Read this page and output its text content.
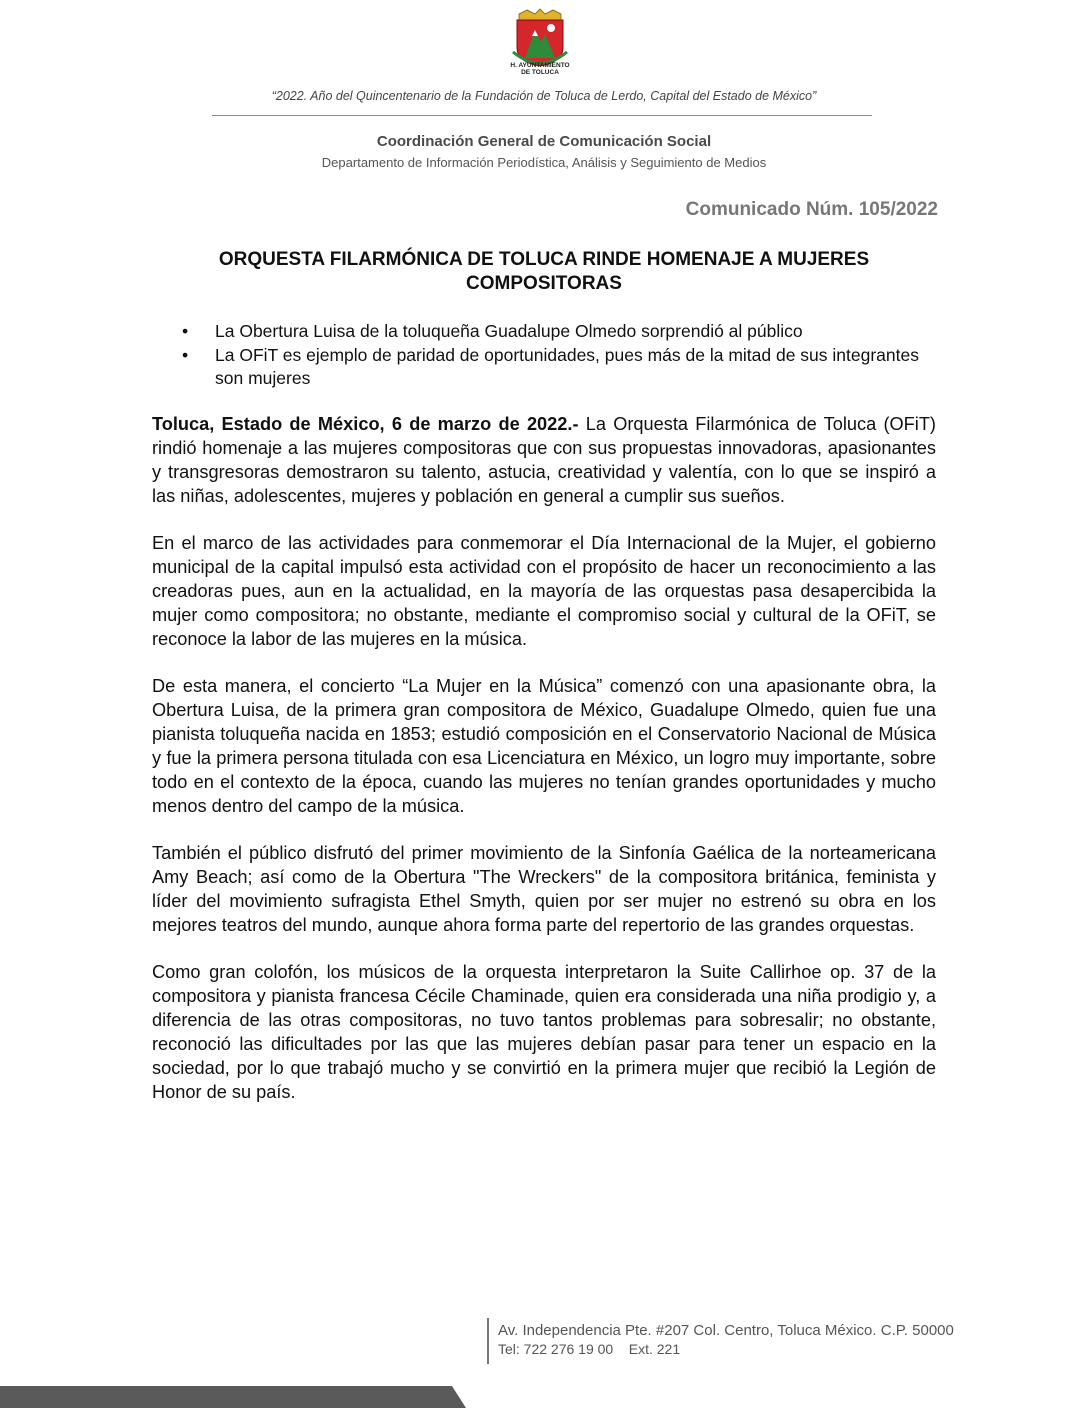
H. AYUNTAMIENTO
DE TOLUCA
“2022. Año del Quincentenario de la Fundación de Toluca de Lerdo, Capital del Estado de México”
Coordinación General de Comunicación Social
Departamento de Información Periodística, Análisis y Seguimiento de Medios
Comunicado Núm. 105/2022
ORQUESTA FILARMÓNICA DE TOLUCA RINDE HOMENAJE A MUJERES COMPOSITORAS
• La Obertura Luisa de la toluqueña Guadalupe Olmedo sorprendió al público
• La OFiT es ejemplo de paridad de oportunidades, pues más de la mitad de sus integrantes son mujeres

Toluca, Estado de México, 6 de marzo de 2022.- La Orquesta Filarmónica de Toluca (OFiT) rindió homenaje a las mujeres compositoras que con sus propuestas innovadoras, apasionantes y transgresoras demostraron su talento, astucia, creatividad y valentía, con lo que se inspiró a las niñas, adolescentes, mujeres y población en general a cumplir sus sueños.

En el marco de las actividades para conmemorar el Día Internacional de la Mujer, el gobierno municipal de la capital impulsó esta actividad con el propósito de hacer un reconocimiento a las creadoras pues, aun en la actualidad, en la mayoría de las orquestas pasa desapercibida la mujer como compositora; no obstante, mediante el compromiso social y cultural de la OFiT, se reconoce la labor de las mujeres en la música.

De esta manera, el concierto “La Mujer en la Música” comenzó con una apasionante obra, la Obertura Luisa, de la primera gran compositora de México, Guadalupe Olmedo, quien fue una pianista toluqueña nacida en 1853; estudió composición en el Conservatorio Nacional de Música y fue la primera persona titulada con esa Licenciatura en México, un logro muy importante, sobre todo en el contexto de la época, cuando las mujeres no tenían grandes oportunidades y mucho menos dentro del campo de la música.

También el público disfrutó del primer movimiento de la Sinfonía Gaélica de la norteamericana Amy Beach; así como de la Obertura "The Wreckers" de la compositora británica, feminista y líder del movimiento sufragista Ethel Smyth, quien por ser mujer no estrenó su obra en los mejores teatros del mundo, aunque ahora forma parte del repertorio de las grandes orquestas.

Como gran colofón, los músicos de la orquesta interpretaron la Suite Callirhoe op. 37 de la compositora y pianista francesa Cécile Chaminade, quien era considerada una niña prodigio y, a diferencia de las otras compositoras, no tuvo tantos problemas para sobresalir; no obstante, reconoció las dificultades por las que las mujeres debían pasar para tener un espacio en la sociedad, por lo que trabajó mucho y se convirtió en la primera mujer que recibió la Legión de Honor de su país.

Av. Independencia Pte. #207 Col. Centro, Toluca México. C.P. 50000
Tel: 722 276 19 00    Ext. 221
